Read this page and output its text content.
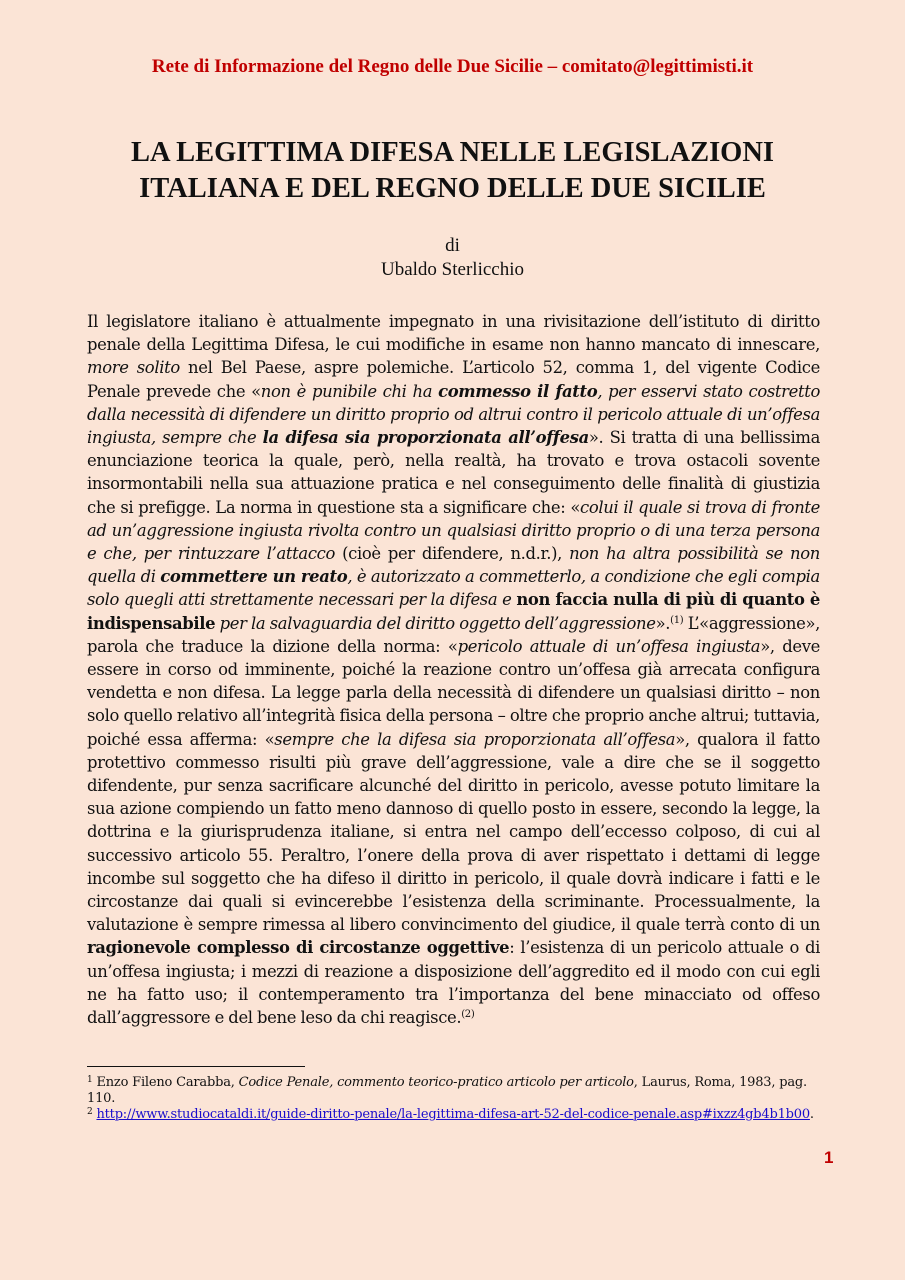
Rete di Informazione del Regno delle Due Sicilie – comitato@legittimisti.it
LA LEGITTIMA DIFESA NELLE LEGISLAZIONI
ITALIANA E DEL REGNO DELLE DUE SICILIE
di
Ubaldo Sterlicchio

Il legislatore italiano è attualmente impegnato in una rivisitazione dell’istituto di diritto penale della Legittima Difesa, le cui modifiche in esame non hanno mancato di innescare, more solito nel Bel Paese, aspre polemiche. L’articolo 52, comma 1, del vigente Codice Penale prevede che «non è punibile chi ha commesso il fatto, per esservi stato costretto dalla necessità di difendere un diritto proprio od altrui contro il pericolo attuale di un’offesa ingiusta, sempre che la difesa sia proporzionata all’offesa». Si tratta di una bellissima enunciazione teorica la quale, però, nella realtà, ha trovato e trova ostacoli sovente insormontabili nella sua attuazione pratica e nel conseguimento delle finalità di giustizia che si prefigge. La norma in questione sta a significare che: «colui il quale si trova di fronte ad un’aggressione ingiusta rivolta contro un qualsiasi diritto proprio o di una terza persona e che, per rintuzzare l’attacco (cioè per difendere, n.d.r.), non ha altra possibilità se non quella di commettere un reato, è autorizzato a commetterlo, a condizione che egli compia solo quegli atti strettamente necessari per la difesa e non faccia nulla di più di quanto è indispensabile per la salvaguardia del diritto oggetto dell’aggressione».$^{(1)}$ L’«aggressione», parola che traduce la dizione della norma: «pericolo attuale di un’offesa ingiusta», deve essere in corso od imminente, poiché la reazione contro un’offesa già arrecata configura vendetta e non difesa. La legge parla della necessità di difendere un qualsiasi diritto – non solo quello relativo all’integrità fisica della persona – oltre che proprio anche altrui; tuttavia, poiché essa afferma: «sempre che la difesa sia proporzionata all’offesa», qualora il fatto protettivo commesso risulti più grave dell’aggressione, vale a dire che se il soggetto difendente, pur senza sacrificare alcunché del diritto in pericolo, avesse potuto limitare la sua azione compiendo un fatto meno dannoso di quello posto in essere, secondo la legge, la dottrina e la giurisprudenza italiane, si entra nel campo dell’eccesso colposo, di cui al successivo articolo 55. Peraltro, l’onere della prova di aver rispettato i dettami di legge incombe sul soggetto che ha difeso il diritto in pericolo, il quale dovrà indicare i fatti e le circostanze dai quali si evincerebbe l’esistenza della scriminante. Processualmente, la valutazione è sempre rimessa al libero convincimento del giudice, il quale terrà conto di un ragionevole complesso di circostanze oggettive: l’esistenza di un pericolo attuale o di un’offesa ingiusta; i mezzi di reazione a disposizione dell’aggredito ed il modo con cui egli ne ha fatto uso; il contemperamento tra l’importanza del bene minacciato od offeso dall’aggressore e del bene leso da chi reagisce.$^{(2)}$

$^1$ Enzo Fileno Carabba, Codice Penale, commento teorico-pratico articolo per articolo, Laurus, Roma, 1983, pag. 110.

$^2$ http://www.studiocataldi.it/guide-diritto-penale/la-legittima-difesa-art-52-del-codice-penale.asp#ixzz4gb4b1b00.

1
